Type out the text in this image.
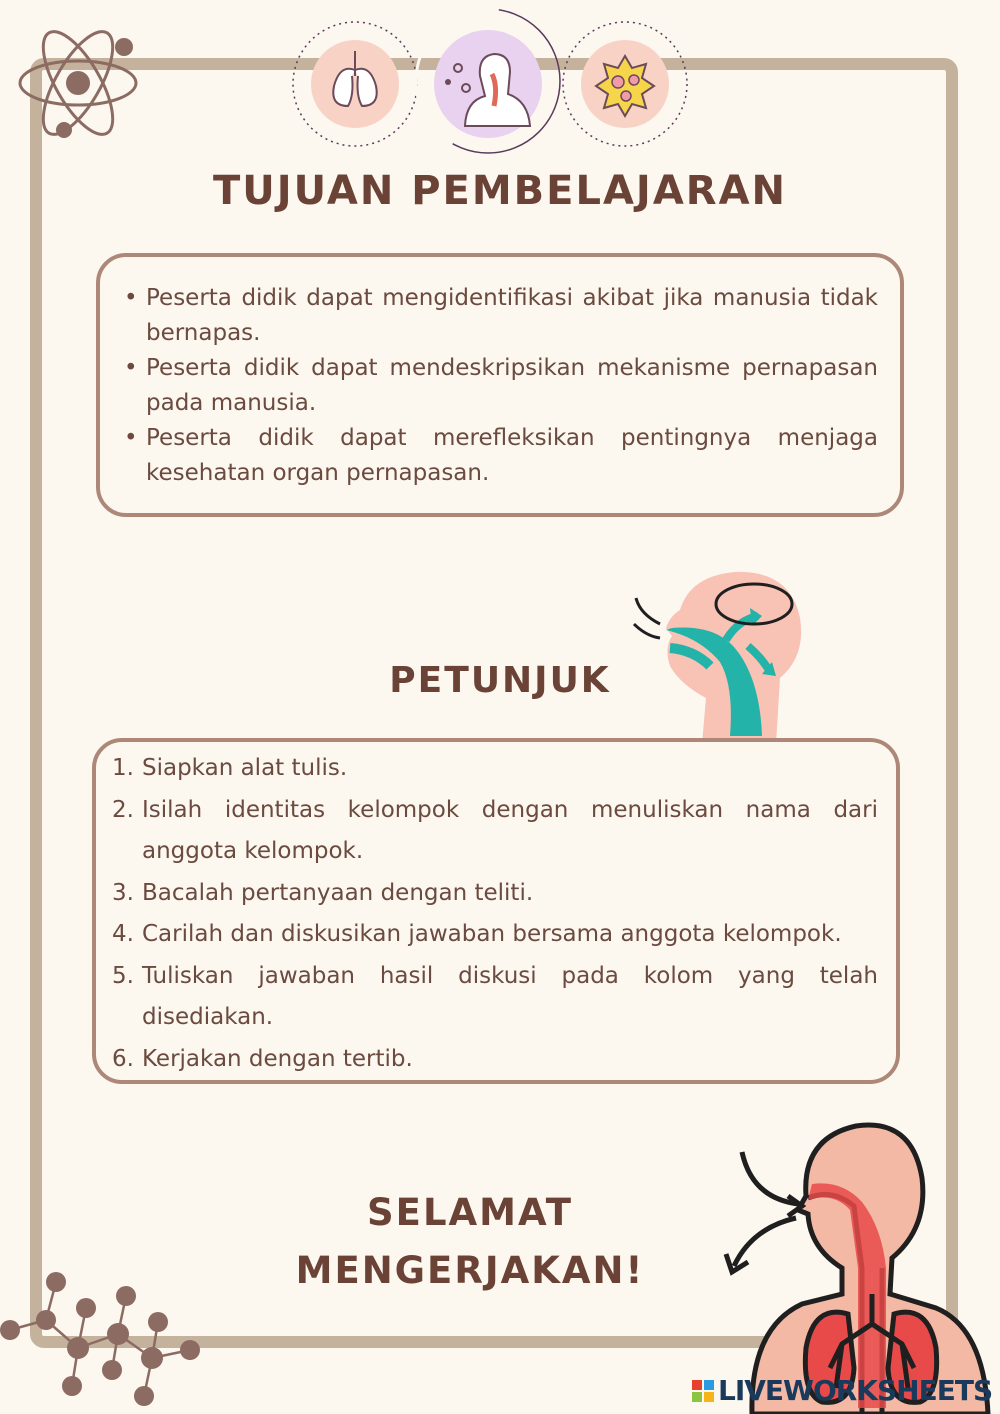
TUJUAN PEMBELAJARAN
• Peserta didik dapat mengidentifikasi akibat jika manusia tidak bernapas.
• Peserta didik dapat mendeskripsikan mekanisme pernapasan pada manusia.
• Peserta didik dapat merefleksikan pentingnya menjaga kesehatan organ pernapasan.
PETUNJUK
1. Siapkan alat tulis.
2. Isilah identitas kelompok dengan menuliskan nama dari anggota kelompok.
3. Bacalah pertanyaan dengan teliti.
4. Carilah dan diskusikan jawaban bersama anggota kelompok.
5. Tuliskan jawaban hasil diskusi pada kolom yang telah disediakan.
6. Kerjakan dengan tertib.
SELAMAT
MENGERJAKAN!
LIVEWORKSHEETS
